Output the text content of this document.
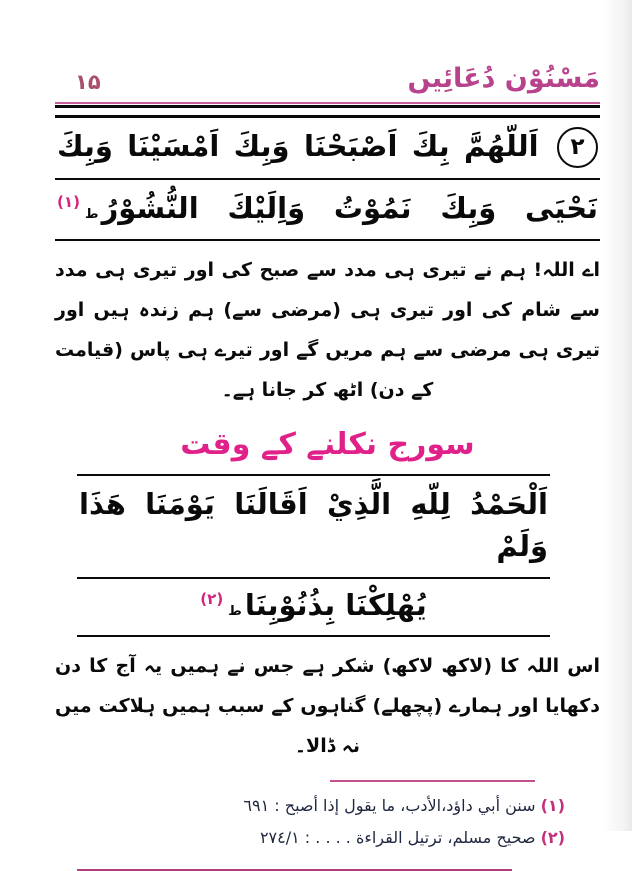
۱۵	مَسْنُوْن دُعَائِیں
۲ اَللّهُمَّ بِكَ اَصْبَحْنَا وَبِكَ اَمْسَيْنَا وَبِكَ
نَحْيَى وَبِكَ نَمُوْتُ وَاِلَيْكَ النُّشُوْرُط$^{(۱)}$

اے اللہ! ہم نے تیری ہی مدد سے صبح کی اور تیری ہی مدد سے شام کی اور تیری ہی (مرضی سے) ہم زندہ ہیں اور تیری ہی مرضی سے ہم مریں گے اور تیرے ہی پاس (قیامت کے دن) اٹھ کر جانا ہے۔

سورج نکلنے کے وقت
اَلْحَمْدُ لِلّهِ الَّذِيْ اَقَالَنَا يَوْمَنَا هَذَا وَلَمْ
يُهْلِكْنَا بِذُنُوْبِنَاط$^{(۲)}$

اس اللہ کا (لاکھ لاکھ) شکر ہے جس نے ہمیں یہ آج کا دن دکھایا اور ہمارے (پچھلے) گناہوں کے سبب ہمیں ہلاکت میں نہ ڈالا۔

(۱) سنن أبي داؤد،الأدب، ما يقول إذا أصبح : ٦٩١
(۲) صحيح مسلم، ترتيل القراءة . . . . : ٢٧٤/١
